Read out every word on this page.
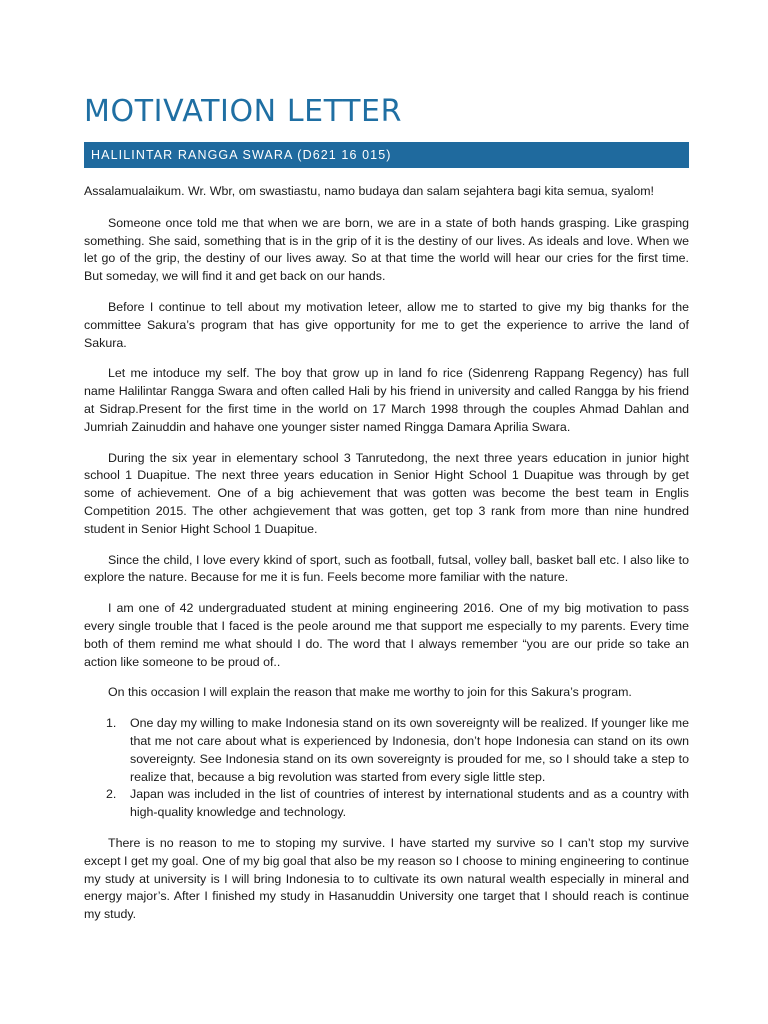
MOTIVATION LETTER
HALILINTAR RANGGA SWARA (D621 16 015)

Assalamualaikum. Wr. Wbr, om swastiastu, namo budaya dan salam sejahtera bagi kita semua, syalom!

Someone once told me that when we are born, we are in a state of both hands grasping. Like grasping something. She said, something that is in the grip of it is the destiny of our lives. As ideals and love. When we let go of the grip, the destiny of our lives away. So at that time the world will hear our cries for the first time. But someday, we will find it and get back on our hands.

Before I continue to tell about my motivation leteer, allow me to started to give my big thanks for the committee Sakura’s program that has give opportunity for me to get the experience to arrive the land of Sakura.

Let me intoduce my self. The boy that grow up in land fo rice (Sidenreng Rappang Regency) has full name Halilintar Rangga Swara and often called Hali by his friend in university and called Rangga by his friend at Sidrap.Present for the first time in the world on 17 March 1998 through the couples Ahmad Dahlan and Jumriah Zainuddin and hahave one younger sister named Ringga Damara Aprilia Swara.

During the six year in elementary school 3 Tanrutedong, the next three years education in junior hight school 1 Duapitue. The next three years education in Senior Hight School 1 Duapitue was through by get some of achievement. One of a big achievement that was gotten was become the best team in Englis Competition 2015. The other achgievement that was gotten, get top 3 rank from more than nine hundred student in Senior Hight School 1 Duapitue.

Since the child, I love every kkind of sport, such as football, futsal, volley ball, basket ball etc. I also like to explore the nature. Because for me it is fun. Feels become more familiar with the nature.

I am one of 42 undergraduated student at mining engineering 2016. One of my big motivation to pass every single trouble that I faced is the peole around me that support me especially to my parents. Every time both of them remind me what should I do. The word that I always remember “you are our pride so take an action like someone to be proud of..

On this occasion I will explain the reason that make me worthy to join for this Sakura’s program.

1. One day my willing to make Indonesia stand on its own sovereignty will be realized. If younger like me that me not care about what is experienced by Indonesia, don’t hope Indonesia can stand on its own sovereignty. See Indonesia stand on its own sovereignty is prouded for me, so I should take a step to realize that, because a big revolution was started from every sigle little step.
2. Japan was included in the list of countries of interest by international students and as a country with high-quality knowledge and technology.

There is no reason to me to stoping my survive. I have started my survive so I can’t stop my survive except I get my goal. One of my big goal that also be my reason so I choose to mining engineering to continue my study at university is I will bring Indonesia to to cultivate its own natural wealth especially in mineral and energy major’s. After I finished my study in Hasanuddin University one target that I should reach is continue my study.
